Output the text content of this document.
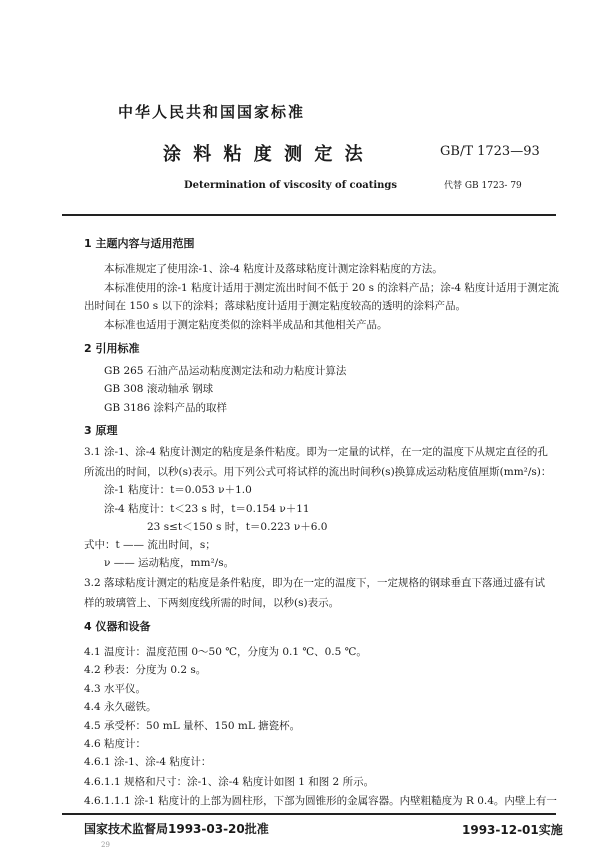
中华人民共和国国家标准
涂 料 粘 度 测 定 法	GB/T 1723—93
Determination of viscosity of coatings	代替 GB 1723- 79
1 主题内容与适用范围
本标准规定了使用涂-1、涂-4 粘度计及落球粘度计测定涂料粘度的方法。
本标准使用的涂-1 粘度计适用于测定流出时间不低于 20 s 的涂料产品；涂-4 粘度计适用于测定流
出时间在 150 s 以下的涂料；落球粘度计适用于测定粘度较高的透明的涂料产品。
本标准也适用于测定粘度类似的涂料半成品和其他相关产品。
2 引用标准
GB 265 石油产品运动粘度测定法和动力粘度计算法
GB 308 滚动轴承 钢球
GB 3186 涂料产品的取样
3 原理
3.1 涂-1、涂-4 粘度计测定的粘度是条件粘度。即为一定量的试样，在一定的温度下从规定直径的孔
所流出的时间，以秒(s)表示。用下列公式可将试样的流出时间秒(s)换算成运动粘度值厘斯(mm²/s)：
涂-1 粘度计：t＝0.053 ν＋1.0
涂-4 粘度计：t＜23 s 时，t＝0.154 ν＋11
23 s≤t＜150 s 时，t＝0.223 ν＋6.0
式中：t —— 流出时间，s；
ν —— 运动粘度，mm²/s。
3.2 落球粘度计测定的粘度是条件粘度，即为在一定的温度下，一定规格的钢球垂直下落通过盛有试
样的玻璃管上、下两刻度线所需的时间，以秒(s)表示。
4 仪器和设备
4.1 温度计：温度范围 0～50 ℃，分度为 0.1 ℃、0.5 ℃。
4.2 秒表：分度为 0.2 s。
4.3 水平仪。
4.4 永久磁铁。
4.5 承受杯：50 mL 量杯、150 mL 搪瓷杯。
4.6 粘度计：
4.6.1 涂-1、涂-4 粘度计：
4.6.1.1 规格和尺寸：涂-1、涂-4 粘度计如图 1 和图 2 所示。
4.6.1.1.1 涂-1 粘度计的上部为圆柱形，下部为圆锥形的金属容器。内壁粗糙度为 R 0.4。内壁上有一
国家技术监督局1993-03-20批准	1993-12-01实施
29
